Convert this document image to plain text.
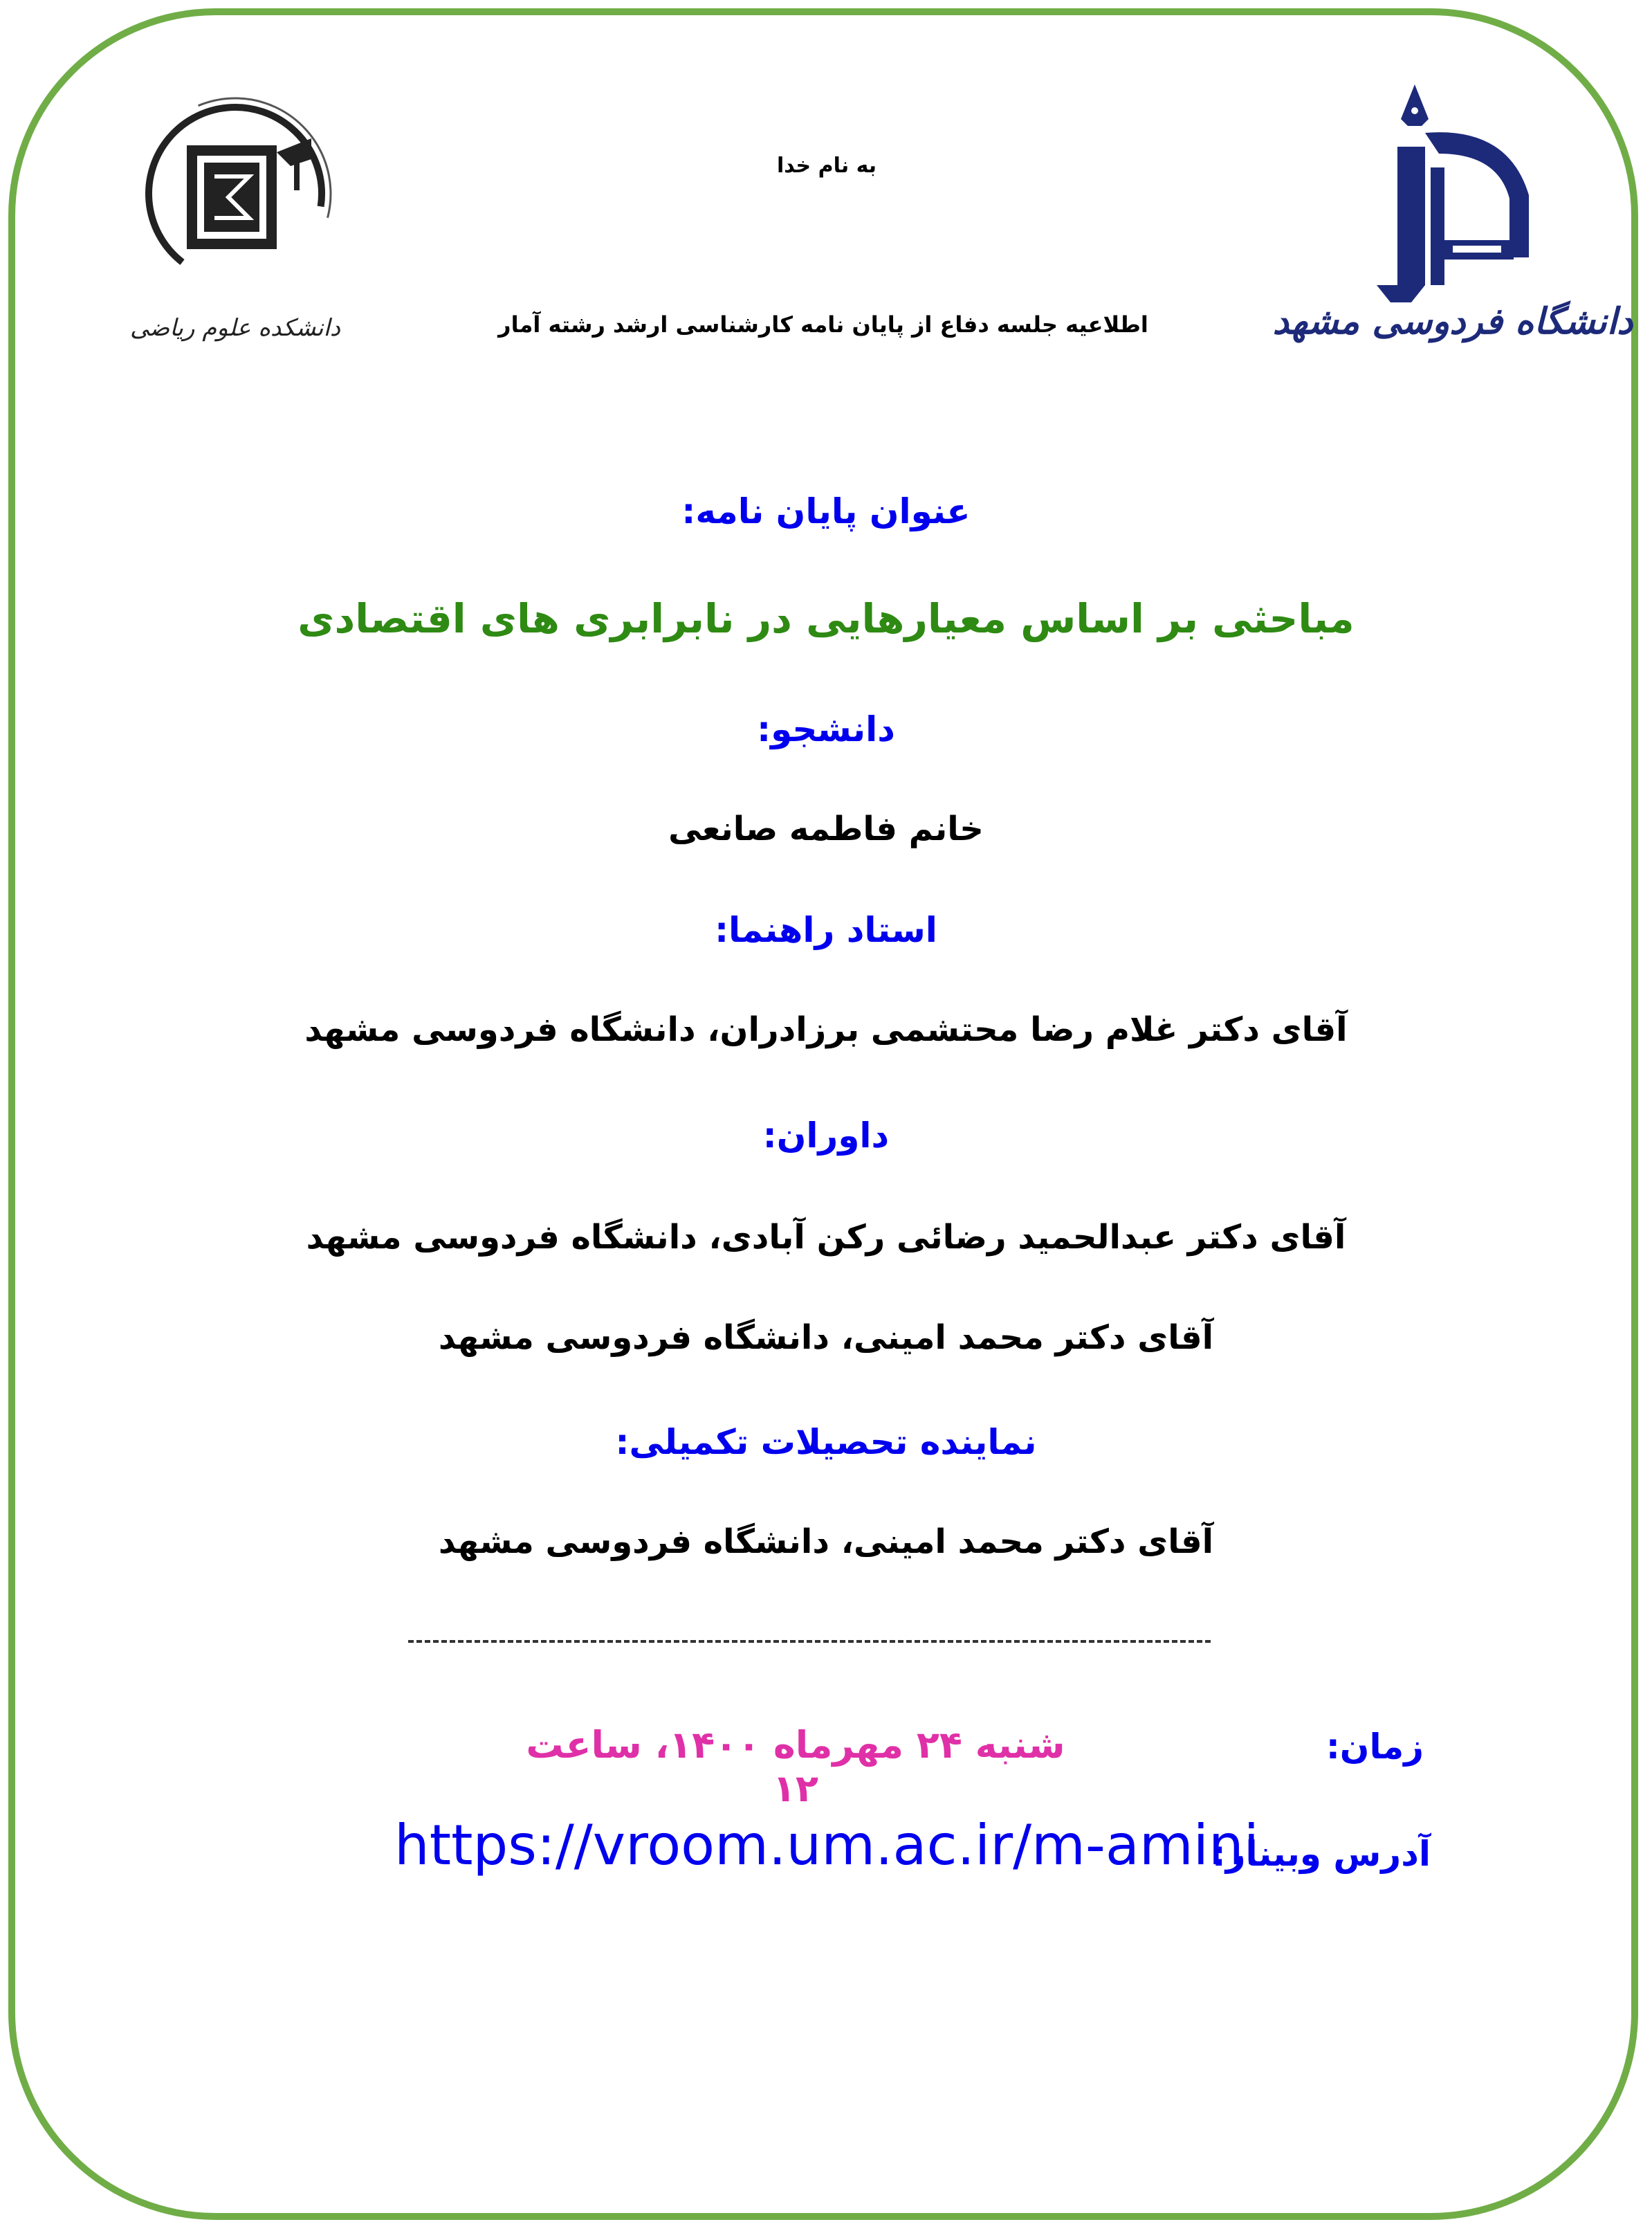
دانشگاه فردوسی مشهد
دانشکده علوم ریاضی
به نام خدا
اطلاعیه جلسه دفاع از پایان نامه کارشناسی ارشد رشته آمار
عنوان پایان نامه:
مباحثی بر اساس معیارهایی در نابرابری های اقتصادی
دانشجو:
خانم فاطمه صانعی
استاد راهنما:
آقای دکتر غلام رضا محتشمی برزادران، دانشگاه فردوسی مشهد
داوران:
آقای دکتر عبدالحمید رضائی رکن آبادی، دانشگاه فردوسی مشهد
آقای دکتر محمد امینی، دانشگاه فردوسی مشهد
نماینده تحصیلات تکمیلی:
آقای دکتر محمد امینی، دانشگاه فردوسی مشهد
زمان:
شنبه ۲۴ مهرماه ۱۴۰۰، ساعت ۱۲
آدرس وبینار:
https://vroom.um.ac.ir/m-amini
